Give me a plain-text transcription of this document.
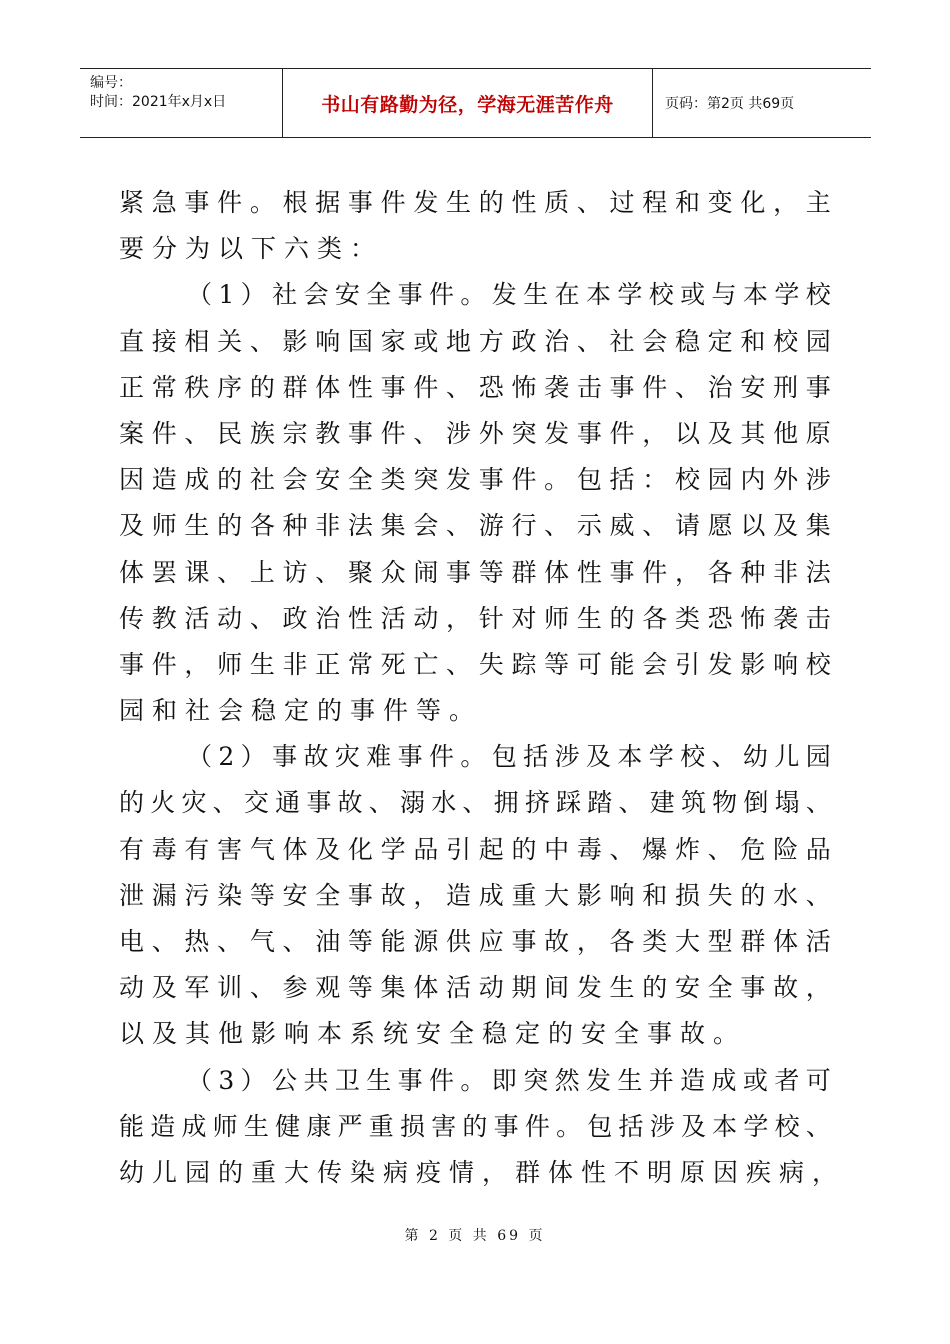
编号：
时间：2021年x月x日	书山有路勤为径，学海无涯苦作舟	页码：第2页 共69页
紧 急 事 件 。 根 据 事 件 发 生 的 性 质 、 过 程 和 变 化 ， 主
要分为以下六类：
（ 1 ） 社 会 安 全 事 件 。 发 生 在 本 学 校 或 与 本 学 校
直 接 相 关 、 影 响 国 家 或 地 方 政 治 、 社 会 稳 定 和 校 园
正 常 秩 序 的 群 体 性 事 件 、 恐 怖 袭 击 事 件 、 治 安 刑 事
案 件 、 民 族 宗 教 事 件 、 涉 外 突 发 事 件 ， 以 及 其 他 原
因 造 成 的 社 会 安 全 类 突 发 事 件 。 包 括 ： 校 园 内 外 涉
及 师 生 的 各 种 非 法 集 会 、 游 行 、 示 威 、 请 愿 以 及 集
体 罢 课 、 上 访 、 聚 众 闹 事 等 群 体 性 事 件 ， 各 种 非 法
传 教 活 动 、 政 治 性 活 动 ， 针 对 师 生 的 各 类 恐 怖 袭 击
事 件 ， 师 生 非 正 常 死 亡 、 失 踪 等 可 能 会 引 发 影 响 校
园和社会稳定的事件等。
（ 2 ） 事 故 灾 难 事 件 。 包 括 涉 及 本 学 校 、 幼 儿 园
的 火 灾 、 交 通 事 故 、 溺 水 、 拥 挤 踩 踏 、 建 筑 物 倒 塌 、
有 毒 有 害 气 体 及 化 学 品 引 起 的 中 毒 、 爆 炸 、 危 险 品
泄 漏 污 染 等 安 全 事 故 ， 造 成 重 大 影 响 和 损 失 的 水 、
电 、 热 、 气 、 油 等 能 源 供 应 事 故 ， 各 类 大 型 群 体 活
动 及 军 训 、 参 观 等 集 体 活 动 期 间 发 生 的 安 全 事 故 ，
以及其他影响本系统安全稳定的安全事故。
（ 3 ） 公 共 卫 生 事 件 。 即 突 然 发 生 并 造 成 或 者 可
能 造 成 师 生 健 康 严 重 损 害 的 事 件 。 包 括 涉 及 本 学 校 、
幼儿园的重大传染病疫情，群体性不明原因疾病，
第 2 页 共 69 页
